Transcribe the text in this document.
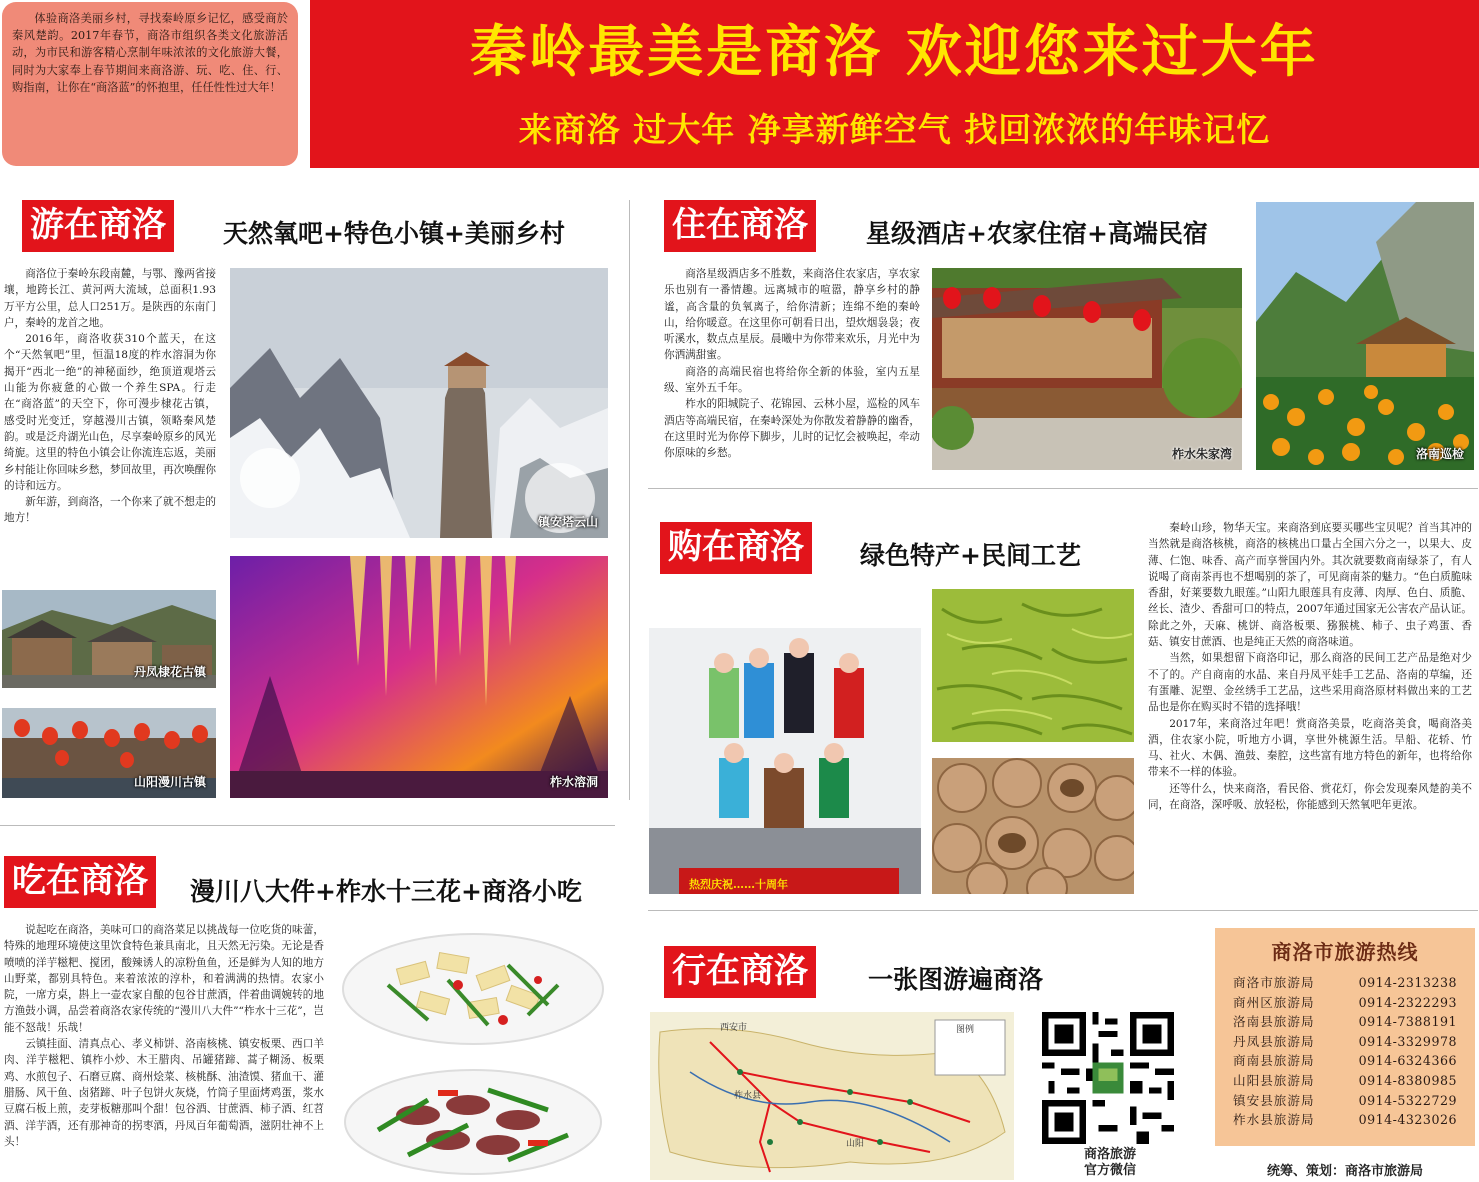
体验商洛美丽乡村，寻找秦岭原乡记忆，感受商於秦风楚韵。2017年春节，商洛市组织各类文化旅游活动，为市民和游客精心烹制年味浓浓的文化旅游大餐，同时为大家奉上春节期间来商洛游、玩、吃、住、行、购指南，让你在“商洛蓝”的怀抱里，任任性性过大年！
秦岭最美是商洛 欢迎您来过大年
来商洛 过大年 净享新鲜空气 找回浓浓的年味记忆
游在商洛	天然氧吧+特色小镇+美丽乡村

商洛位于秦岭东段南麓，与鄂、豫两省接壤，地跨长江、黄河两大流域，总面积1.93万平方公里，总人口251万。是陕西的东南门户，秦岭的龙首之地。

2016年，商洛收获310个蓝天，在这个“天然氧吧”里，恒温18度的柞水溶洞为你揭开“西北一绝”的神秘面纱，绝顶道观塔云山能为你疲惫的心做一个养生SPA。行走在“商洛蓝”的天空下，你可漫步棣花古镇，感受时光变迁，穿越漫川古镇，领略秦风楚韵。或是泛舟湖光山色，尽享秦岭原乡的风光绮旎。这里的特色小镇会让你流连忘返，美丽乡村能让你回味乡愁，梦回故里，再次唤醒你的诗和远方。

新年游，到商洛，一个你来了就不想走的地方！	镇安塔云山
丹凤棣花古镇
山阳漫川古镇	柞水溶洞
住在商洛	星级酒店+农家住宿+高端民宿

商洛星级酒店多不胜数，来商洛住农家店，享农家乐也别有一番情趣。远离城市的喧嚣，静享乡村的静谧，高含量的负氧离子，给你清新；连绵不绝的秦岭山，给你暖意。在这里你可朝看日出，望炊烟袅袅；夜听溪水，数点点星辰。晨曦中为你带来欢乐，月光中为你洒满甜蜜。

商洛的高端民宿也将给你全新的体验，室内五星级、室外五千年。

柞水的阳城院子、花锦园、云林小屋，巡检的风车酒店等高端民宿，在秦岭深处为你散发着静静的幽香，在这里时光为你停下脚步，儿时的记忆会被唤起，牵动你原味的乡愁。	柞水朱家湾	洛南巡检
购在商洛	绿色特产+民间工艺
热烈庆祝……十周年

秦岭山珍，物华天宝。来商洛到底要买哪些宝贝呢？首当其冲的当然就是商洛核桃，商洛的核桃出口量占全国六分之一，以果大、皮薄、仁饱、味香、高产而享誉国内外。其次就要数商南绿茶了，有人说喝了商南茶再也不想喝别的茶了，可见商南茶的魅力。“色白质脆味香甜，好莱要数九眼莲。”山阳九眼莲具有皮薄、肉厚、色白、质脆、丝长、渣少、香甜可口的特点，2007年通过国家无公害农产品认证。除此之外，天麻、桃饼、商洛板栗、猕猴桃、柿子、虫子鸡蛋、香菇、镇安甘蔗酒、也是纯正天然的商洛味道。

当然，如果想留下商洛印记，那么商洛的民间工艺产品是绝对少不了的。产自商南的水晶、来自丹凤平娃手工艺品、洛南的草编，还有蛋雕、泥塑、金丝绣手工艺品，这些采用商洛原材料做出来的工艺品也是你在购买时不错的选择哦！

2017年，来商洛过年吧！赏商洛美景，吃商洛美食，喝商洛美酒，住农家小院，听地方小调，享世外桃源生活。旱船、花轿、竹马、社火、木偶、渔鼓、秦腔，这些富有地方特色的新年，也将给你带来不一样的体验。

还等什么，快来商洛，看民俗、赏花灯，你会发现秦风楚韵美不同，在商洛，深呼吸、放轻松，你能感到天然氧吧年更浓。

吃在商洛	漫川八大件+柞水十三花+商洛小吃

说起吃在商洛，美味可口的商洛菜足以挑战每一位吃货的味蕾，特殊的地理环境使这里饮食特色兼具南北，且天然无污染。无论是香喷喷的洋芋糍粑、搅团，酸辣诱人的凉粉鱼鱼，还是鲜为人知的地方山野菜，都别具特色。来着浓浓的淳朴，和着满满的热情。农家小院，一席方桌，斟上一壶农家自酿的包谷甘蔗酒，伴着曲调婉转的地方渔鼓小调，品尝着商洛农家传统的“漫川八大件”“柞水十三花”，岂能不怒哉！乐哉！

云镇挂面、清真点心、孝义柿饼、洛南核桃、镇安板栗、西口羊肉、洋芋糍粑、镇柞小炒、木王腊肉、吊罐猪蹄、蒿子糊汤、板栗鸡、水煎包子、石磨豆腐、商州烩菜、核桃酥、油渣馍、猪血干、灌腊肠、风干鱼、卤猪蹄、叶子包饼火灰烧，竹筒子里面烤鸡蛋，浆水豆腐石板上煎，麦芽板糖那叫个甜！包谷酒、甘蔗酒、柿子酒、红苕酒、洋芋酒，还有那神奇的拐枣酒，丹凤百年葡萄酒，滋阴壮神不上头！

行在商洛	一张图游遍商洛
西安市	图例
山阳
柞水县
商洛旅游
官方微信
商洛市旅游热线
商洛市旅游局	0914-2313238
商州区旅游局	0914-2322293
洛南县旅游局	0914-7388191
丹凤县旅游局	0914-3329978
商南县旅游局	0914-6324366
山阳县旅游局	0914-8380985
镇安县旅游局	0914-5322729
柞水县旅游局	0914-4323026
统筹、策划：商洛市旅游局
